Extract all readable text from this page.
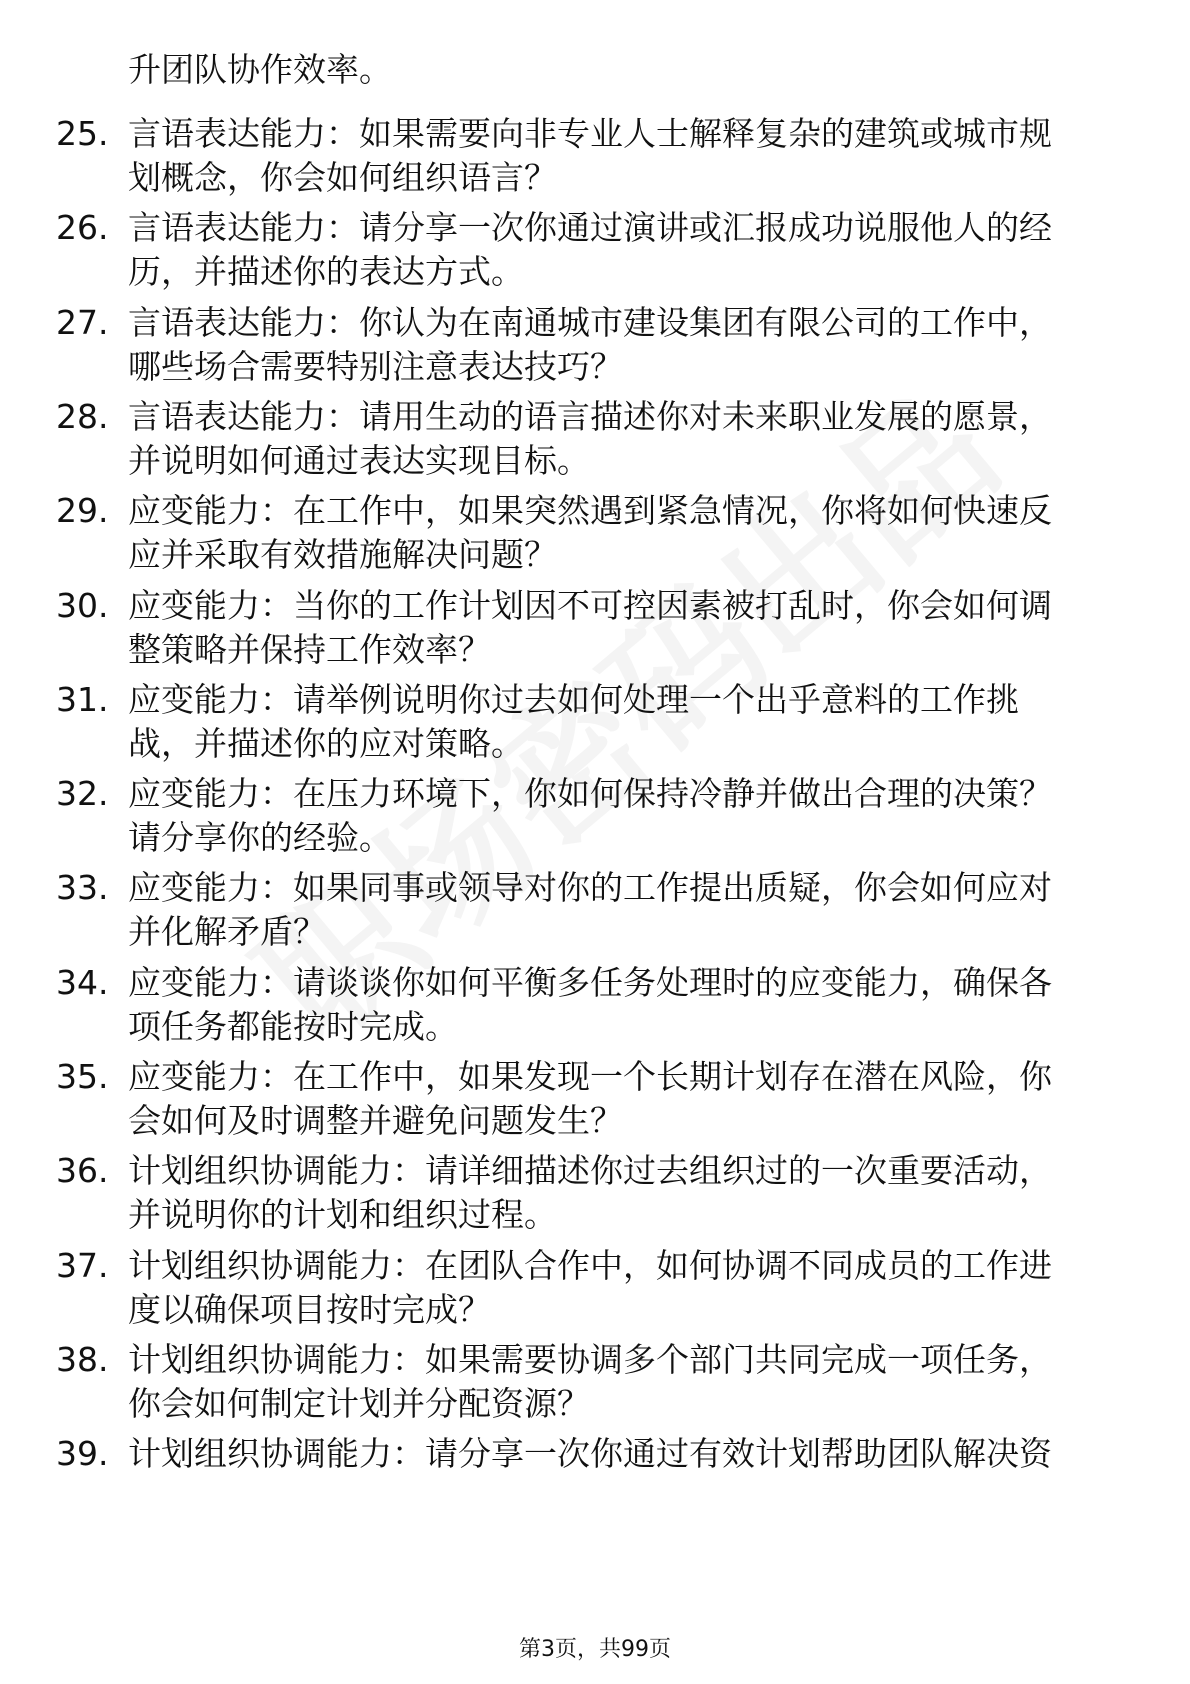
升团队协作效率。
25. 言语表达能力：如果需要向非专业人士解释复杂的建筑或城市规
划概念，你会如何组织语言？
26. 言语表达能力：请分享一次你通过演讲或汇报成功说服他人的经
历，并描述你的表达方式。
27. 言语表达能力：你认为在南通城市建设集团有限公司的工作中，
哪些场合需要特别注意表达技巧？
28. 言语表达能力：请用生动的语言描述你对未来职业发展的愿景，
并说明如何通过表达实现目标。
29. 应变能力：在工作中，如果突然遇到紧急情况，你将如何快速反
应并采取有效措施解决问题？
30. 应变能力：当你的工作计划因不可控因素被打乱时，你会如何调
整策略并保持工作效率？
31. 应变能力：请举例说明你过去如何处理一个出乎意料的工作挑
战，并描述你的应对策略。
32. 应变能力：在压力环境下，你如何保持冷静并做出合理的决策？
请分享你的经验。
33. 应变能力：如果同事或领导对你的工作提出质疑，你会如何应对
并化解矛盾？
34. 应变能力：请谈谈你如何平衡多任务处理时的应变能力，确保各
项任务都能按时完成。
35. 应变能力：在工作中，如果发现一个长期计划存在潜在风险，你
会如何及时调整并避免问题发生？
36. 计划组织协调能力：请详细描述你过去组织过的一次重要活动，
并说明你的计划和组织过程。
37. 计划组织协调能力：在团队合作中，如何协调不同成员的工作进
度以确保项目按时完成？
38. 计划组织协调能力：如果需要协调多个部门共同完成一项任务，
你会如何制定计划并分配资源？
39. 计划组织协调能力：请分享一次你通过有效计划帮助团队解决资
第3页，共99页
